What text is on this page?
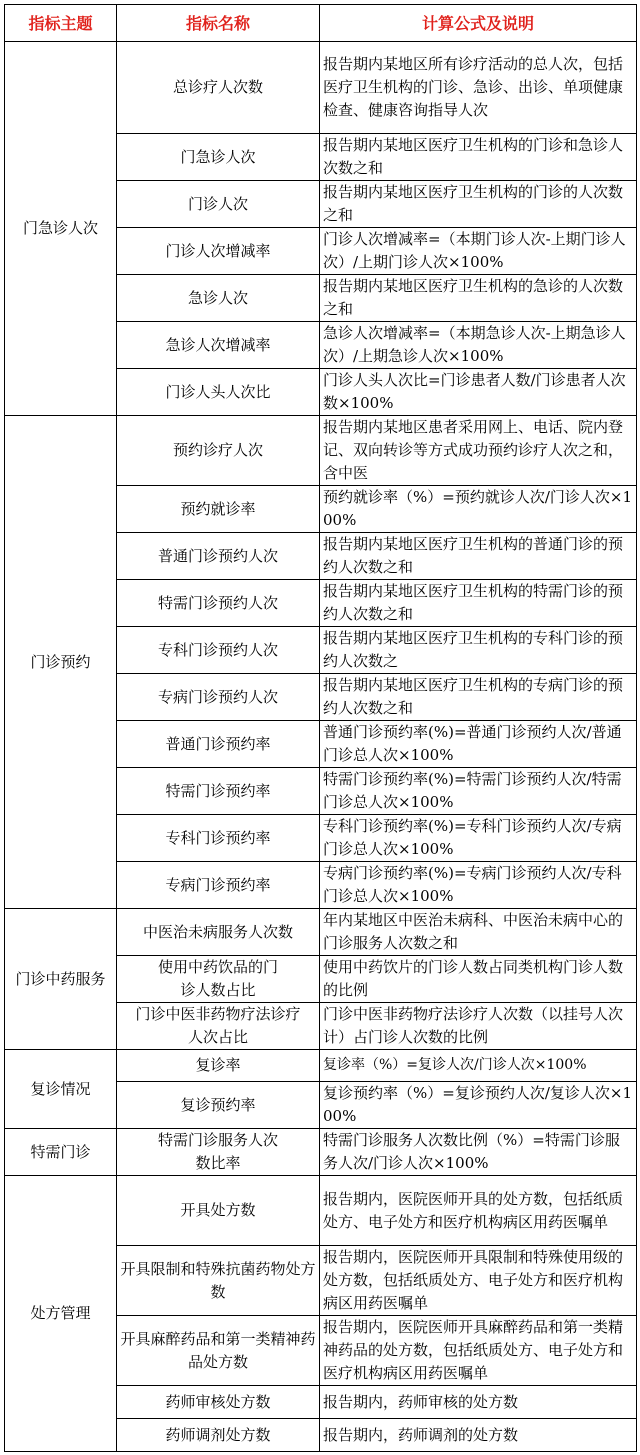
指标主题	指标名称	计算公式及说明
门急诊人次	总诊疗人次数	报告期内某地区所有诊疗活动的总人次，包括医疗卫生机构的门诊、急诊、出诊、单项健康检查、健康咨询指导人次
	门急诊人次	报告期内某地区医疗卫生机构的门诊和急诊人次数之和
	门诊人次	报告期内某地区医疗卫生机构的门诊的人次数之和
	门诊人次增减率	门诊人次增减率=（本期门诊人次-上期门诊人次）/上期门诊人次×100%
	急诊人次	报告期内某地区医疗卫生机构的急诊的人次数之和
	急诊人次增减率	急诊人次增减率=（本期急诊人次-上期急诊人次）/上期急诊人次×100%
	门诊人头人次比	门诊人头人次比=门诊患者人数/门诊患者人次数×100%
门诊预约	预约诊疗人次	报告期内某地区患者采用网上、电话、院内登记、双向转诊等方式成功预约诊疗人次之和，含中医
	预约就诊率	预约就诊率（%）=预约就诊人次/门诊人次×100%
	普通门诊预约人次	报告期内某地区医疗卫生机构的普通门诊的预约人次数之和
	特需门诊预约人次	报告期内某地区医疗卫生机构的特需门诊的预约人次数之和
	专科门诊预约人次	报告期内某地区医疗卫生机构的专科门诊的预约人次数之
	专病门诊预约人次	报告期内某地区医疗卫生机构的专病门诊的预约人次数之和
	普通门诊预约率	普通门诊预约率(%)=普通门诊预约人次/普通门诊总人次×100%
	特需门诊预约率	特需门诊预约率(%)=特需门诊预约人次/特需门诊总人次×100%
	专科门诊预约率	专科门诊预约率(%)=专科门诊预约人次/专病门诊总人次×100%
	专病门诊预约率	专病门诊预约率(%)=专病门诊预约人次/专科门诊总人次×100%
门诊中药服务	中医治未病服务人次数	年内某地区中医治未病科、中医治未病中心的门诊服务人次数之和
	使用中药饮品的门诊人数占比	使用中药饮片的门诊人数占同类机构门诊人数的比例
	门诊中医非药物疗法诊疗人次占比	门诊中医非药物疗法诊疗人次数（以挂号人次计）占门诊人次数的比例
复诊情况	复诊率	复诊率（%）=复诊人次/门诊人次×100%
	复诊预约率	复诊预约率（%）=复诊预约人次/复诊人次×100%
特需门诊	特需门诊服务人次数比率	特需门诊服务人次数比例（%）=特需门诊服务人次/门诊人次×100%
处方管理	开具处方数	报告期内，医院医师开具的处方数，包括纸质处方、电子处方和医疗机构病区用药医嘱单
	开具限制和特殊抗菌药物处方数	报告期内，医院医师开具限制和特殊使用级的处方数，包括纸质处方、电子处方和医疗机构病区用药医嘱单
	开具麻醉药品和第一类精神药品处方数	报告期内，医院医师开具麻醉药品和第一类精神药品的处方数，包括纸质处方、电子处方和医疗机构病区用药医嘱单
	药师审核处方数	报告期内，药师审核的处方数
	药师调剂处方数	报告期内，药师调剂的处方数
